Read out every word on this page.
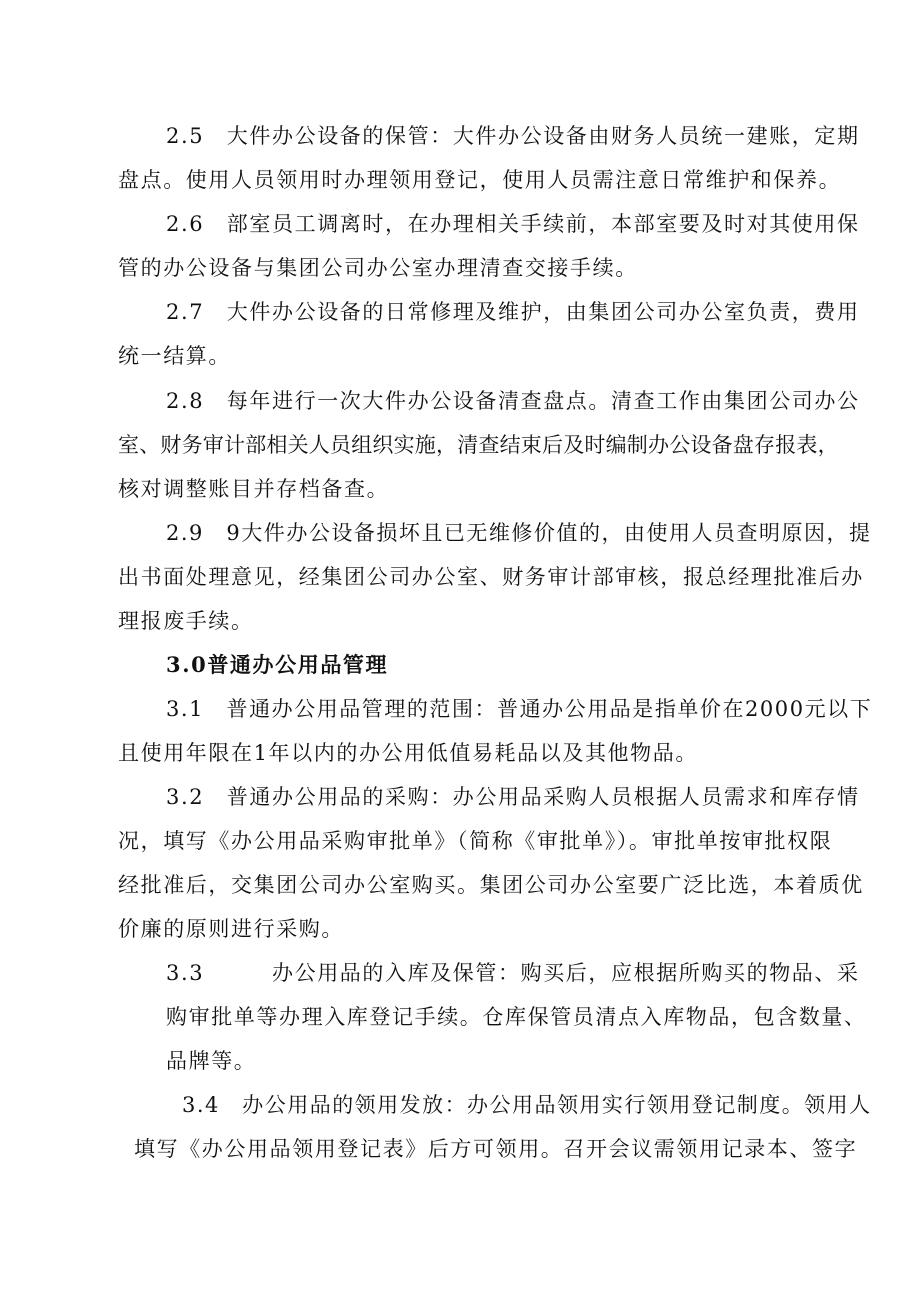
2.5　大件办公设备的保管：大件办公设备由财务人员统一建账，定期
盘点。使用人员领用时办理领用登记，使用人员需注意日常维护和保养。
2.6　部室员工调离时，在办理相关手续前，本部室要及时对其使用保
管的办公设备与集团公司办公室办理清查交接手续。
2.7　大件办公设备的日常修理及维护，由集团公司办公室负责，费用
统一结算。
2.8　每年进行一次大件办公设备清查盘点。清查工作由集团公司办公
室、财务审计部相关人员组织实施，清查结束后及时编制办公设备盘存报表，
核对调整账目并存档备查。
2.9　9大件办公设备损坏且已无维修价值的，由使用人员查明原因，提
出书面处理意见，经集团公司办公室、财务审计部审核，报总经理批准后办
理报废手续。
3.0普通办公用品管理
3.1　普通办公用品管理的范围：普通办公用品是指单价在2000元以下
且使用年限在1年以内的办公用低值易耗品以及其他物品。
3.2　普通办公用品的采购：办公用品采购人员根据人员需求和库存情
况，填写《办公用品采购审批单》（简称《审批单》）。审批单按审批权限
经批准后，交集团公司办公室购买。集团公司办公室要广泛比选，本着质优
价廉的原则进行采购。
3.3　　　办公用品的入库及保管：购买后，应根据所购买的物品、采
购审批单等办理入库登记手续。仓库保管员清点入库物品，包含数量、
品牌等。
3.4　办公用品的领用发放：办公用品领用实行领用登记制度。领用人
填写《办公用品领用登记表》后方可领用。召开会议需领用记录本、签字
